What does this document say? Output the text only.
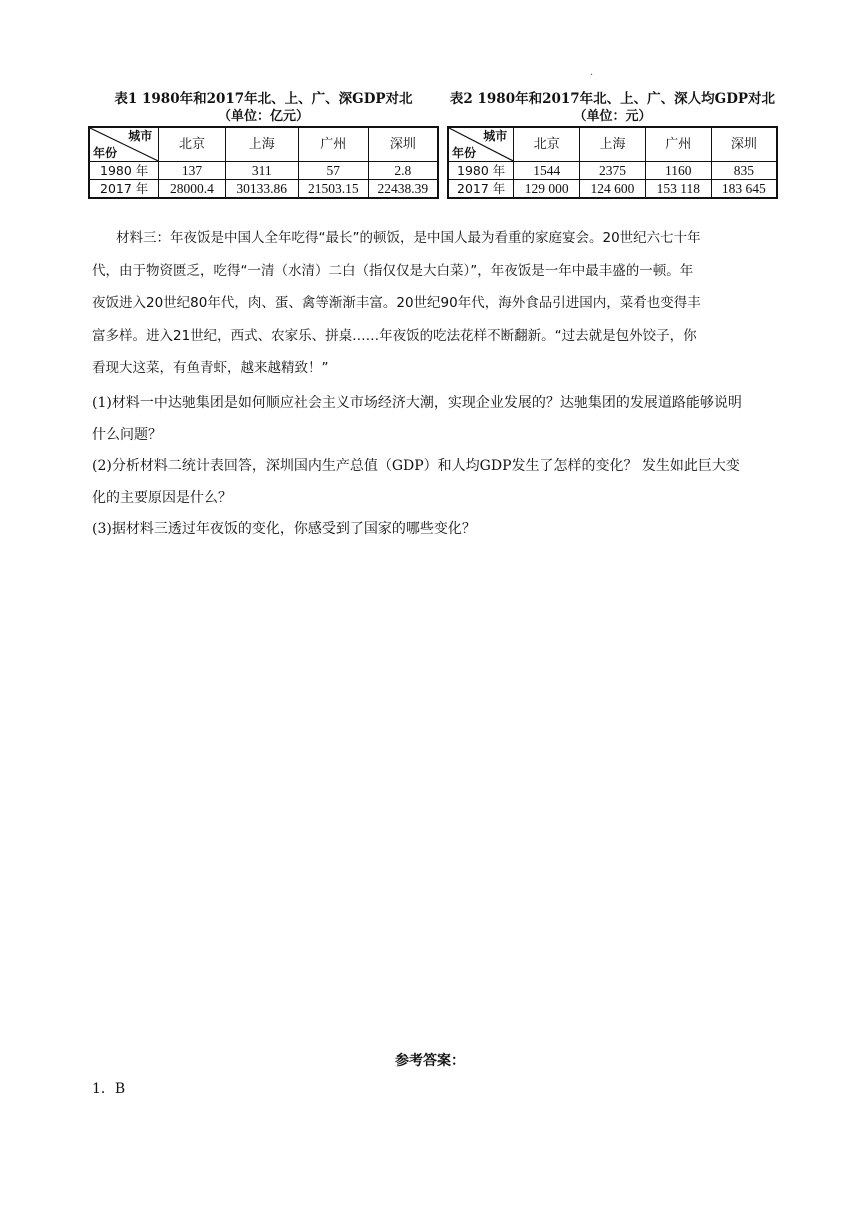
·
表1 1980年和2017年北、上、广、深GDP对北
（单位：亿元）
城市
年份	北京	上海	广州	深圳
1980 年	137	311	57	2.8
2017 年	28000.4	30133.86	21503.15	22438.39
表2 1980年和2017年北、上、广、深人均GDP对北
（单位：元）
城市
年份	北京	上海	广州	深圳
1980 年	1544	2375	1160	835
2017 年	129 000	124 600	153 118	183 645
材料三：年夜饭是中国人全年吃得“最长”的顿饭，是中国人最为看重的家庭宴会。20世纪六七十年
代，由于物资匮乏，吃得“一清（水清）二白（指仅仅是大白菜）”，年夜饭是一年中最丰盛的一顿。年
夜饭进入20世纪80年代，肉、蛋、禽等渐渐丰富。20世纪90年代，海外食品引进国内，菜肴也变得丰
富多样。进入21世纪，西式、农家乐、拼桌……年夜饭的吃法花样不断翻新。“过去就是包外饺子，你
看现大这菜，有鱼青虾，越来越精致！”

(1)材料一中达驰集团是如何顺应社会主义市场经济大潮，实现企业发展的？达驰集团的发展道路能够说明

什么问题？

(2)分析材料二统计表回答，深圳国内生产总值（GDP）和人均GDP发生了怎样的变化？ 发生如此巨大变

化的主要原因是什么？

(3)据材料三透过年夜饭的变化，你感受到了国家的哪些变化？

参考答案：
1．B
